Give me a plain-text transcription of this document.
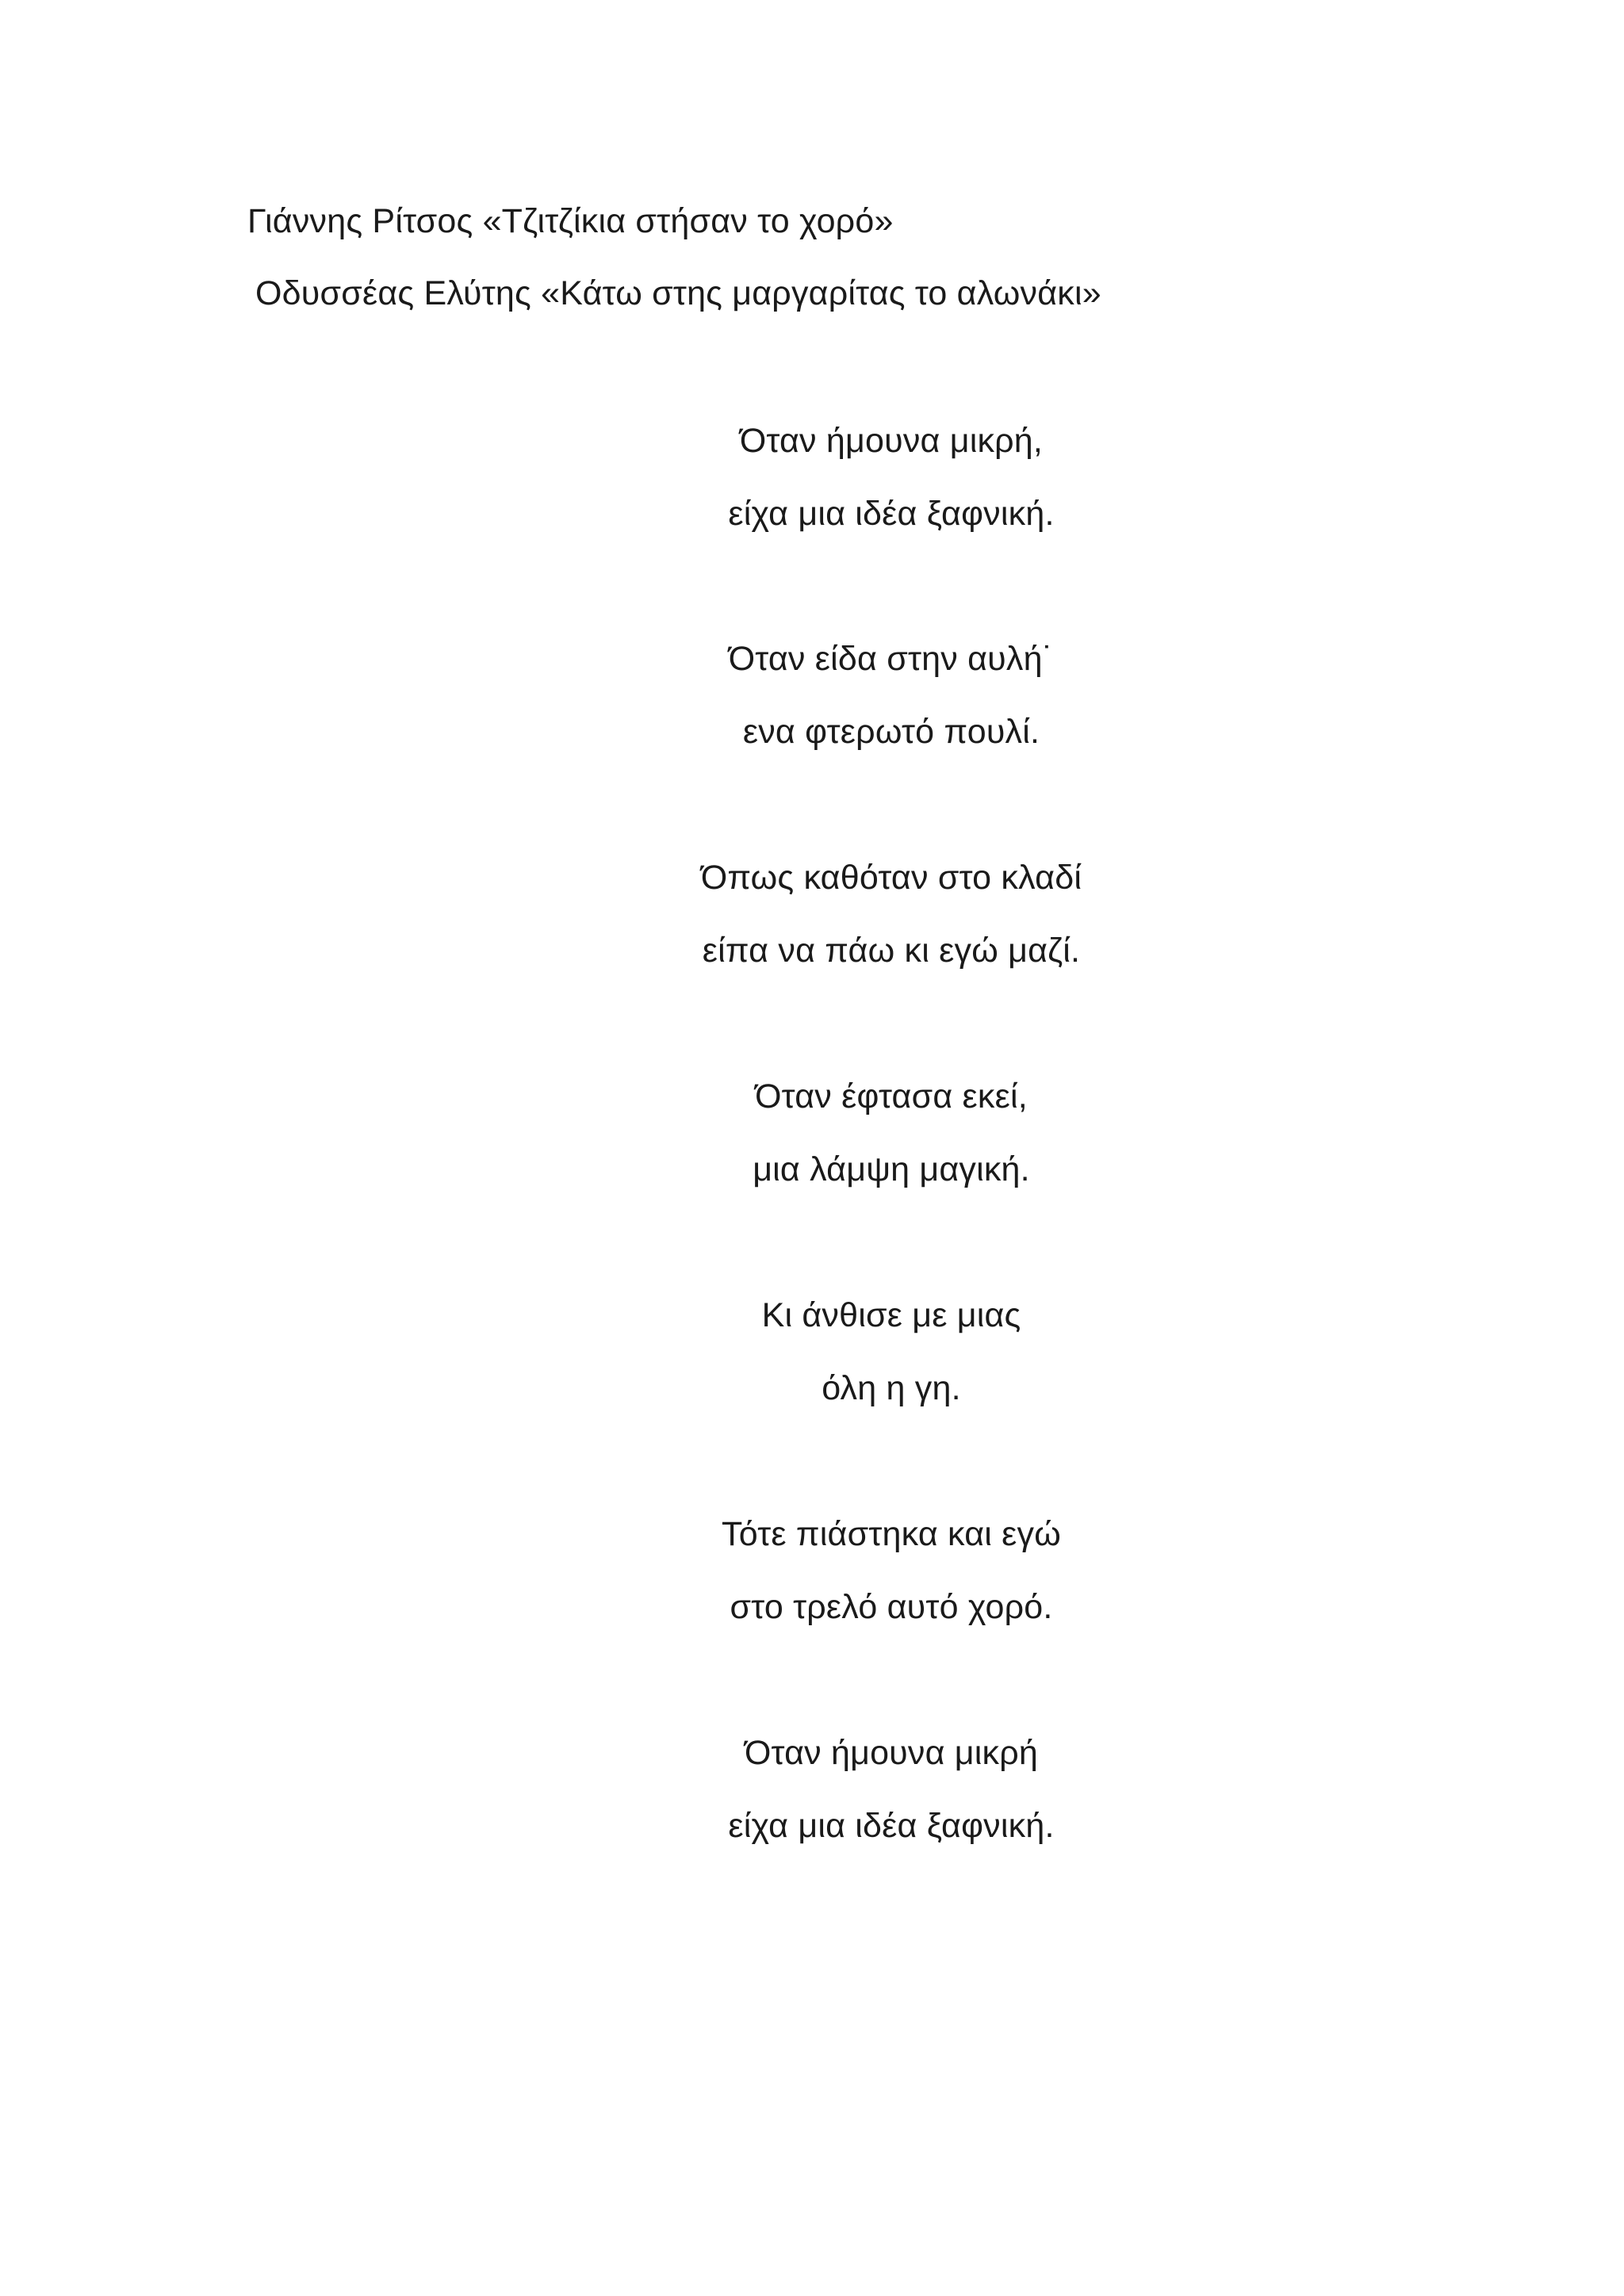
Γιάννης Ρίτσος «Τζιτζίκια στήσαν το χορό»
Οδυσσέας Ελύτης «Κάτω στης μαργαρίτας το αλωνάκι»
Όταν ήμουνα μικρή,
είχα μια ιδέα ξαφνική.
Όταν είδα στην αυλή˙
ενα φτερωτό πουλί.
Όπως καθόταν στο κλαδί
είπα να πάω κι εγώ μαζί.
Όταν έφτασα εκεί,
μια λάμψη μαγική.
Κι άνθισε με μιας
όλη η γη.
Τότε πιάστηκα και εγώ
στο τρελό αυτό χορό.
Όταν ήμουνα μικρή
είχα μια ιδέα ξαφνική.
